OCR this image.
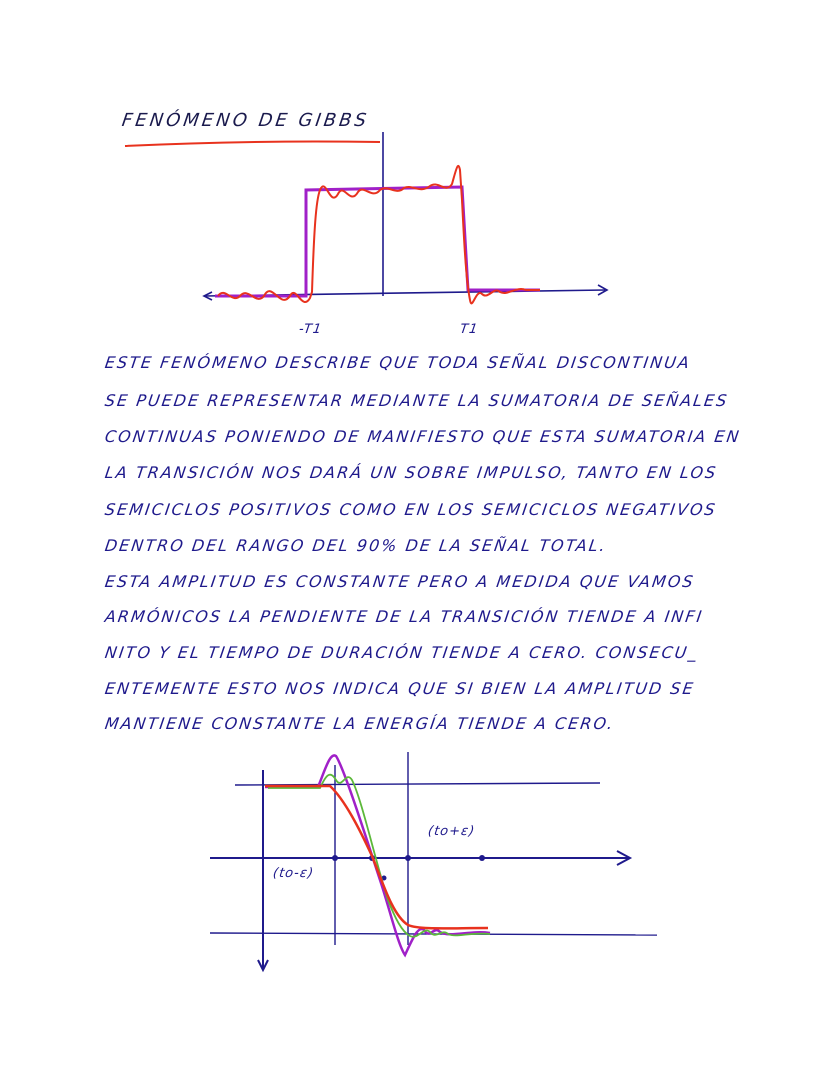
FENÓMENO DE GIBBS
-T1	T1
ESTE FENÓMENO DESCRIBE QUE TODA SEÑAL DISCONTINUA
SE PUEDE REPRESENTAR MEDIANTE LA SUMATORIA DE SEÑALES
CONTINUAS PONIENDO DE MANIFIESTO QUE ESTA SUMATORIA EN
LA TRANSICIÓN NOS DARÁ UN SOBRE IMPULSO, TANTO EN LOS
SEMICICLOS POSITIVOS COMO EN LOS SEMICICLOS NEGATIVOS
DENTRO DEL RANGO DEL 90% DE LA SEÑAL TOTAL.
ESTA AMPLITUD ES CONSTANTE PERO A MEDIDA QUE VAMOS
ARMÓNICOS LA PENDIENTE DE LA TRANSICIÓN TIENDE A INFI
NITO Y EL TIEMPO DE DURACIÓN TIENDE A CERO. CONSECU_
ENTEMENTE ESTO NOS INDICA QUE SI BIEN LA AMPLITUD SE
MANTIENE CONSTANTE LA ENERGÍA TIENDE A CERO.
(to+ε)
(to-ε)
